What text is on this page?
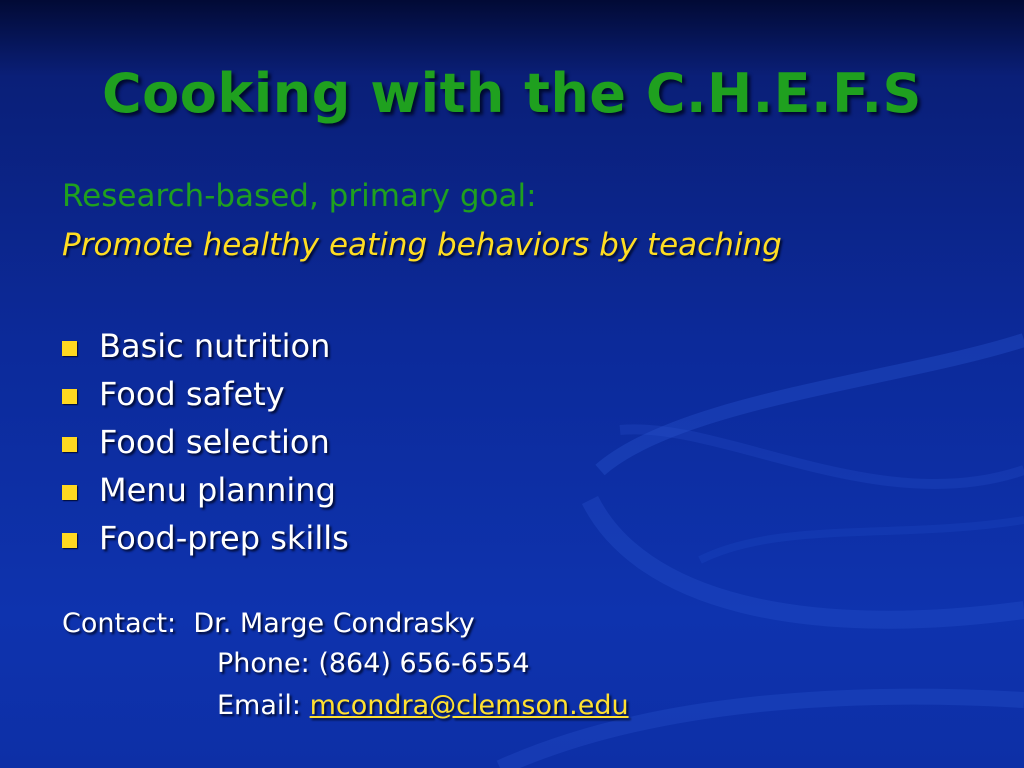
Cooking with the C.H.E.F.S
Research-based, primary goal:
Promote healthy eating behaviors by teaching
Basic nutrition
Food safety
Food selection
Menu planning
Food-prep skills
Contact: Dr. Marge Condrasky
Phone: (864) 656-6554
Email: mcondra@clemson.edu
